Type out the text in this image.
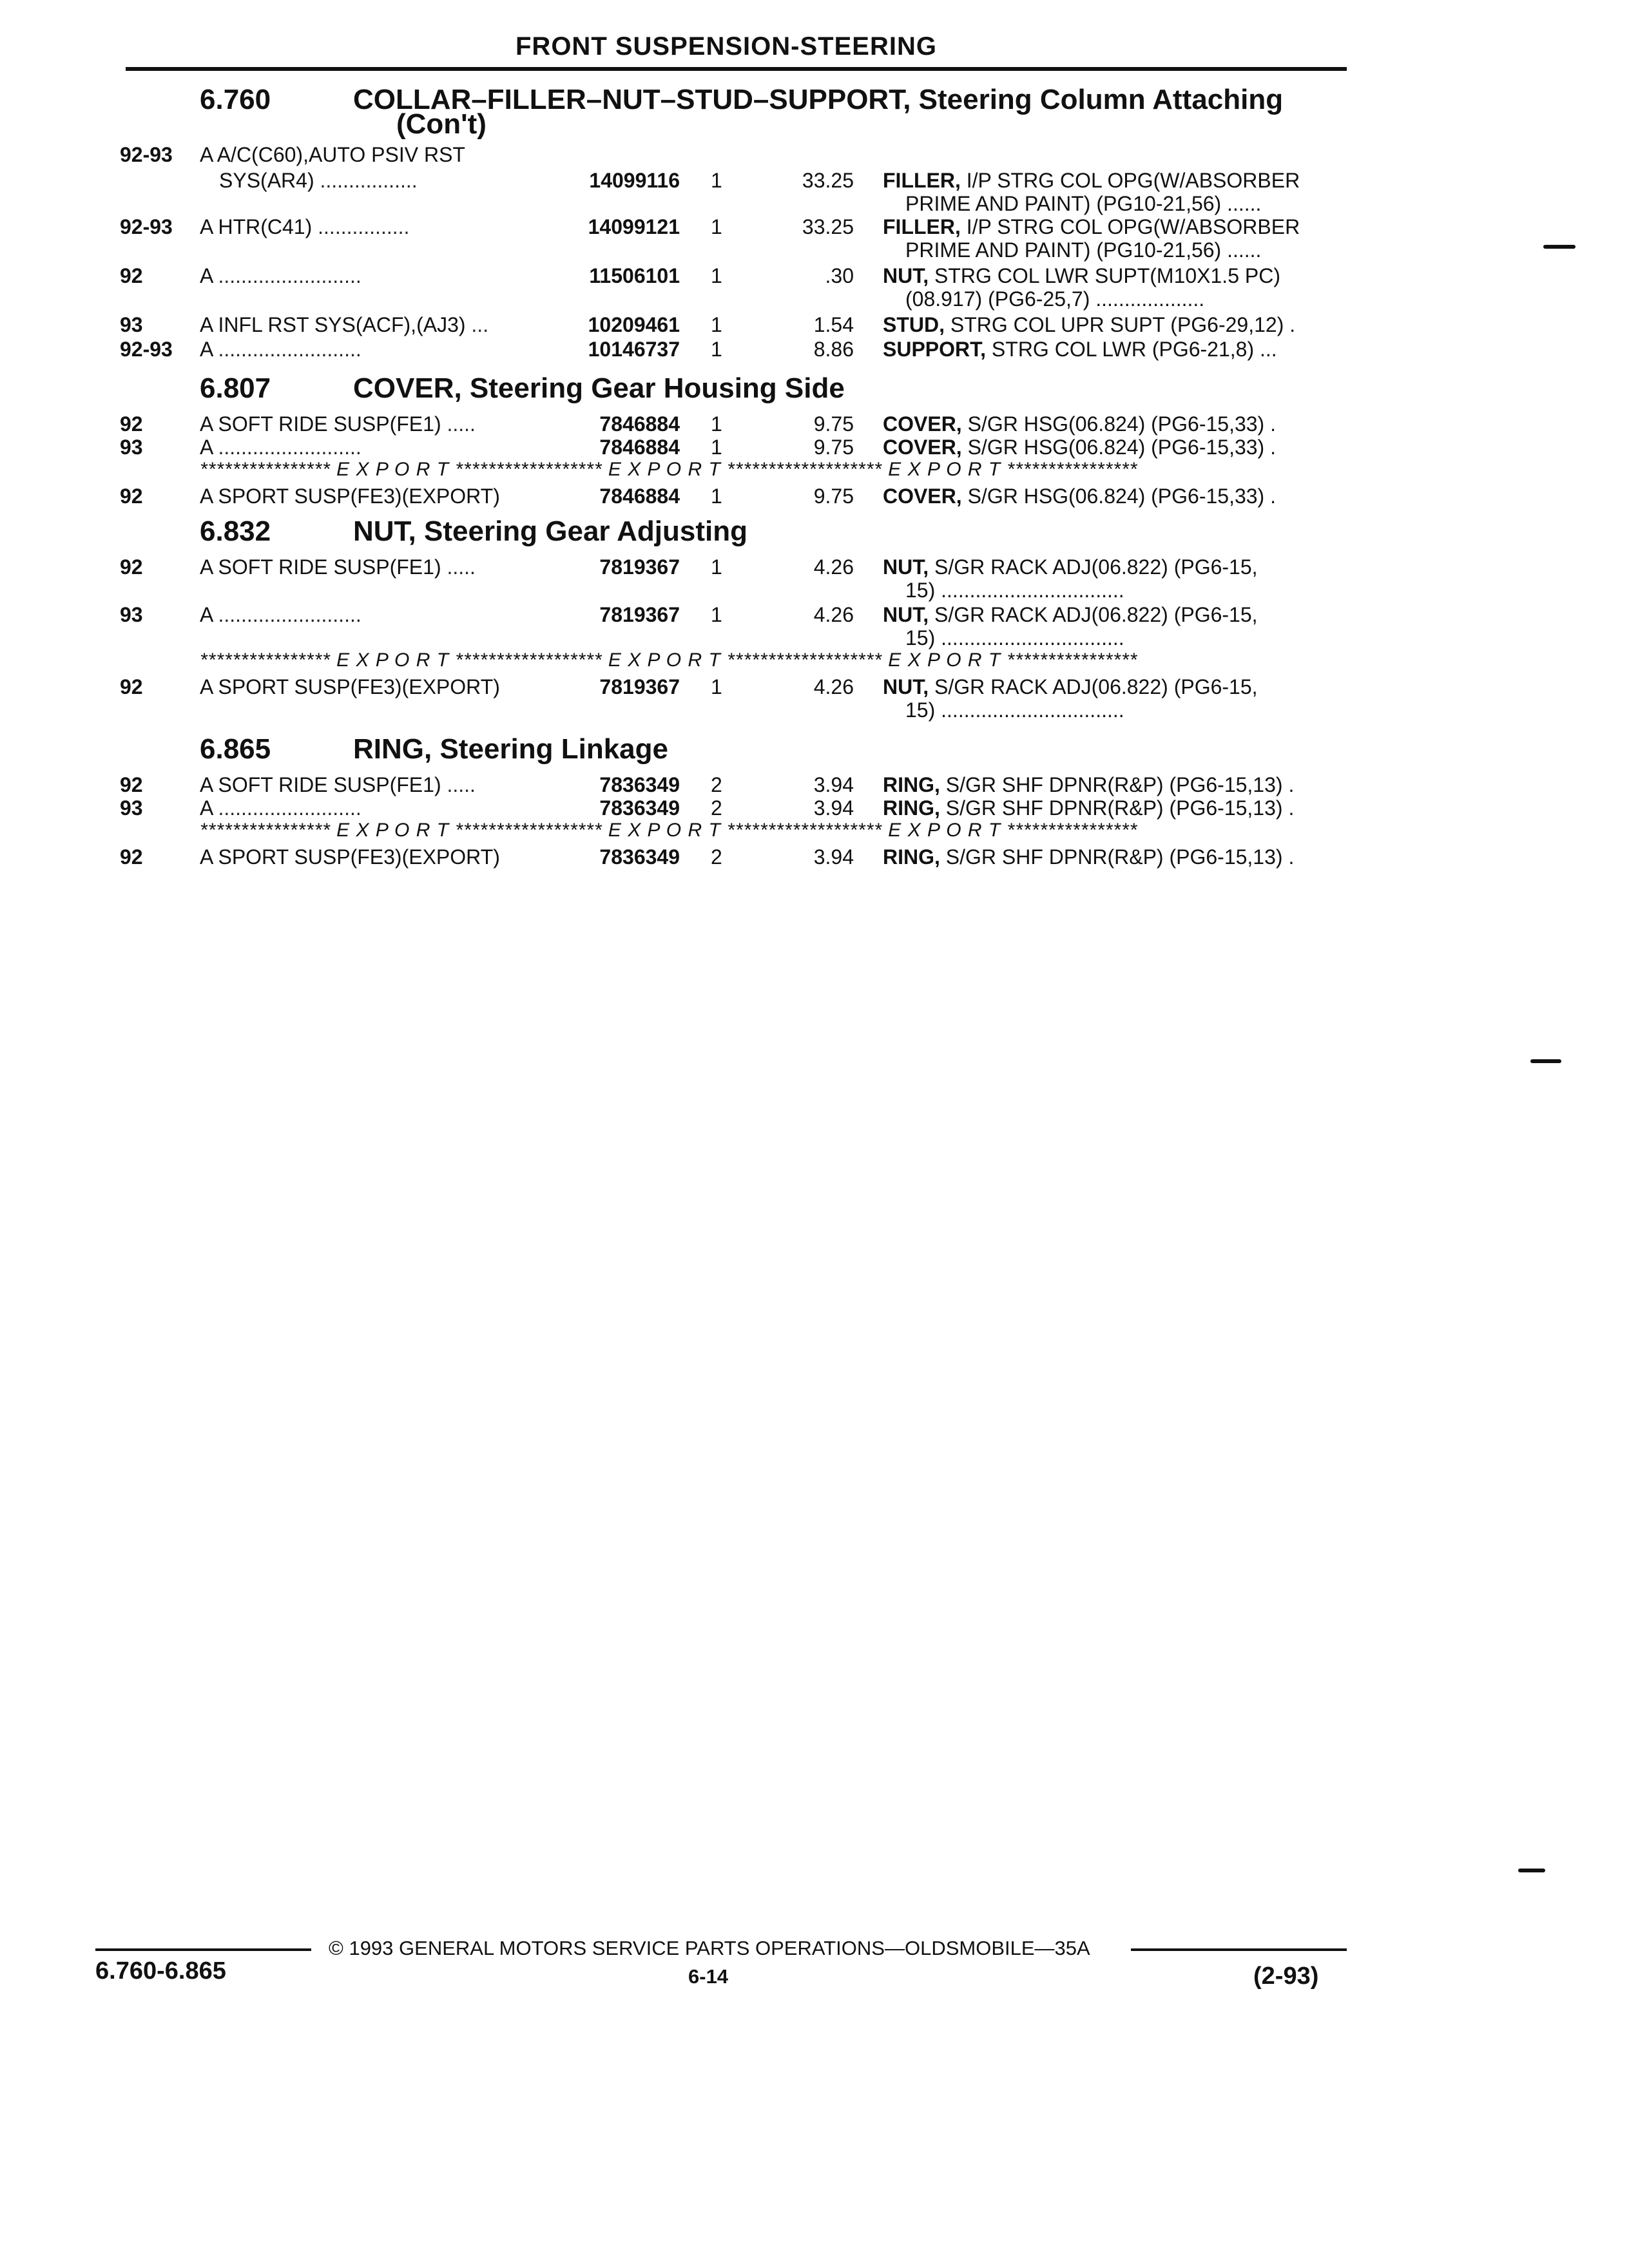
FRONT SUSPENSION-STEERING
6.760	COLLAR–FILLER–NUT–STUD–SUPPORT, Steering Column Attaching
(Con't)
92-93 A A/C(C60),AUTO PSIV RST
SYS(AR4) .................	14099116 1	33.25 FILLER, I/P STRG COL OPG(W/ABSORBER
PRIME AND PAINT) (PG10-21,56) ......
92-93 A HTR(C41) ................	14099121 1	33.25 FILLER, I/P STRG COL OPG(W/ABSORBER
PRIME AND PAINT) (PG10-21,56) ......
92	A .........................	11506101 1	.30 NUT, STRG COL LWR SUPT(M10X1.5 PC)
(08.917) (PG6-25,7) ...................
93	A INFL RST SYS(ACF),(AJ3) ...	10209461 1	1.54 STUD, STRG COL UPR SUPT (PG6-29,12) .
92-93 A .........................	10146737 1	8.86 SUPPORT, STRG COL LWR (PG6-21,8) ...
6.807	COVER, Steering Gear Housing Side
92	A SOFT RIDE SUSP(FE1) .....	7846884 1	9.75 COVER, S/GR HSG(06.824) (PG6-15,33) .
93	A .........................	7846884 1	9.75 COVER, S/GR HSG(06.824) (PG6-15,33) .
**************** E X P O R T ****************** E X P O R T ******************* E X P O R T ****************
92	A SPORT SUSP(FE3)(EXPORT)	7846884 1	9.75 COVER, S/GR HSG(06.824) (PG6-15,33) .
6.832	NUT, Steering Gear Adjusting
92	A SOFT RIDE SUSP(FE1) .....	7819367 1	4.26 NUT, S/GR RACK ADJ(06.822) (PG6-15,
15) ................................
93	A .........................	7819367 1	4.26 NUT, S/GR RACK ADJ(06.822) (PG6-15,
15) ................................
**************** E X P O R T ****************** E X P O R T ******************* E X P O R T ****************
92	A SPORT SUSP(FE3)(EXPORT)	7819367 1	4.26 NUT, S/GR RACK ADJ(06.822) (PG6-15,
15) ................................
6.865	RING, Steering Linkage
92	A SOFT RIDE SUSP(FE1) .....	7836349 2	3.94 RING, S/GR SHF DPNR(R&P) (PG6-15,13) .
93	A .........................	7836349 2	3.94 RING, S/GR SHF DPNR(R&P) (PG6-15,13) .
**************** E X P O R T ****************** E X P O R T ******************* E X P O R T ****************
92	A SPORT SUSP(FE3)(EXPORT)	7836349 2	3.94 RING, S/GR SHF DPNR(R&P) (PG6-15,13) .
© 1993 GENERAL MOTORS SERVICE PARTS OPERATIONS—OLDSMOBILE—35A
6.760-6.865	6-14	(2-93)
